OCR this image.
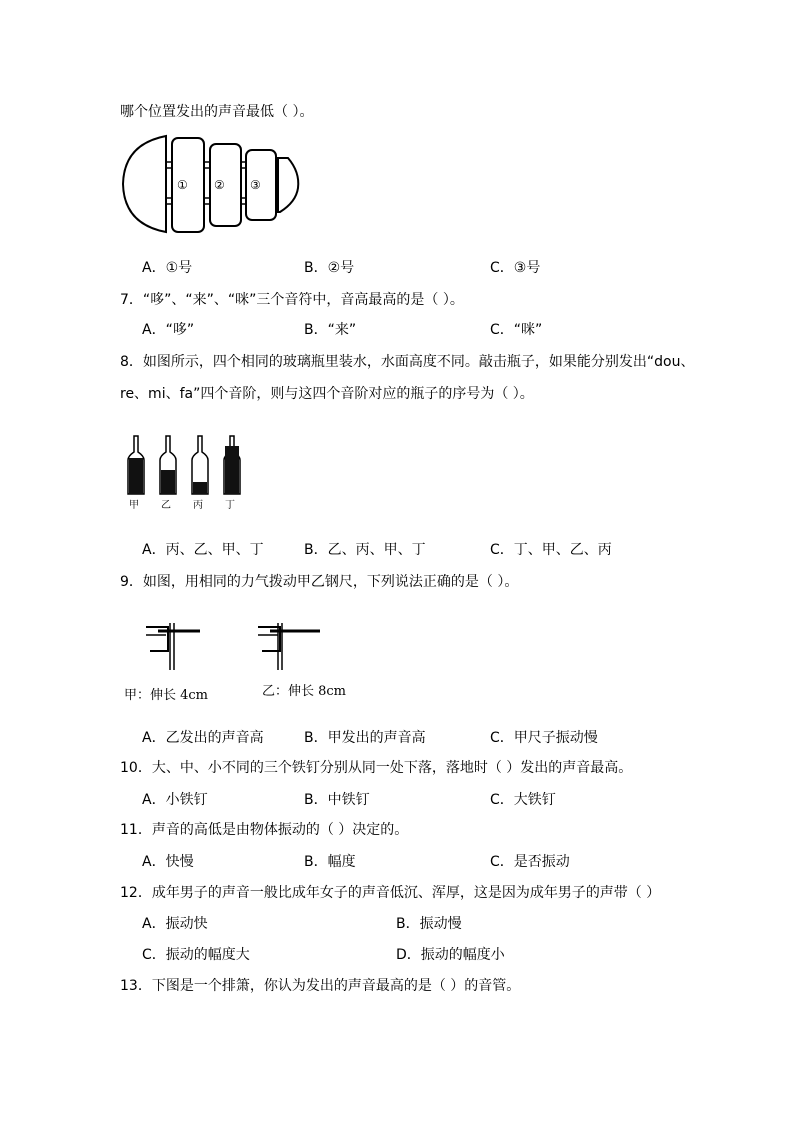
哪个位置发出的声音最低（ ）。
① ② ③
A．①号	B．②号	C．③号
7．“哆”、“来”、“咪”三个音符中，音高最高的是（ ）。
A．“哆”	B．“来”	C．“咪”
8．如图所示，四个相同的玻璃瓶里装水，水面高度不同。敲击瓶子，如果能分别发出“dou、
re、mi、fa”四个音阶，则与这四个音阶对应的瓶子的序号为（ ）。
甲 乙 丙 丁
A．丙、乙、甲、丁	B．乙、丙、甲、丁	C．丁、甲、乙、丙
9．如图，用相同的力气拨动甲乙钢尺，下列说法正确的是（ ）。
甲：伸长 4cm	乙：伸长 8cm
A．乙发出的声音高	B．甲发出的声音高	C．甲尺子振动慢
10．大、中、小不同的三个铁钉分别从同一处下落，落地时（ ）发出的声音最高。
A．小铁钉	B．中铁钉	C．大铁钉
11．声音的高低是由物体振动的（ ）决定的。
A．快慢	B．幅度	C．是否振动
12．成年男子的声音一般比成年女子的声音低沉、浑厚，这是因为成年男子的声带（ ）
A．振动快	B．振动慢
C．振动的幅度大	D．振动的幅度小
13．下图是一个排箫，你认为发出的声音最高的是（ ）的音管。
